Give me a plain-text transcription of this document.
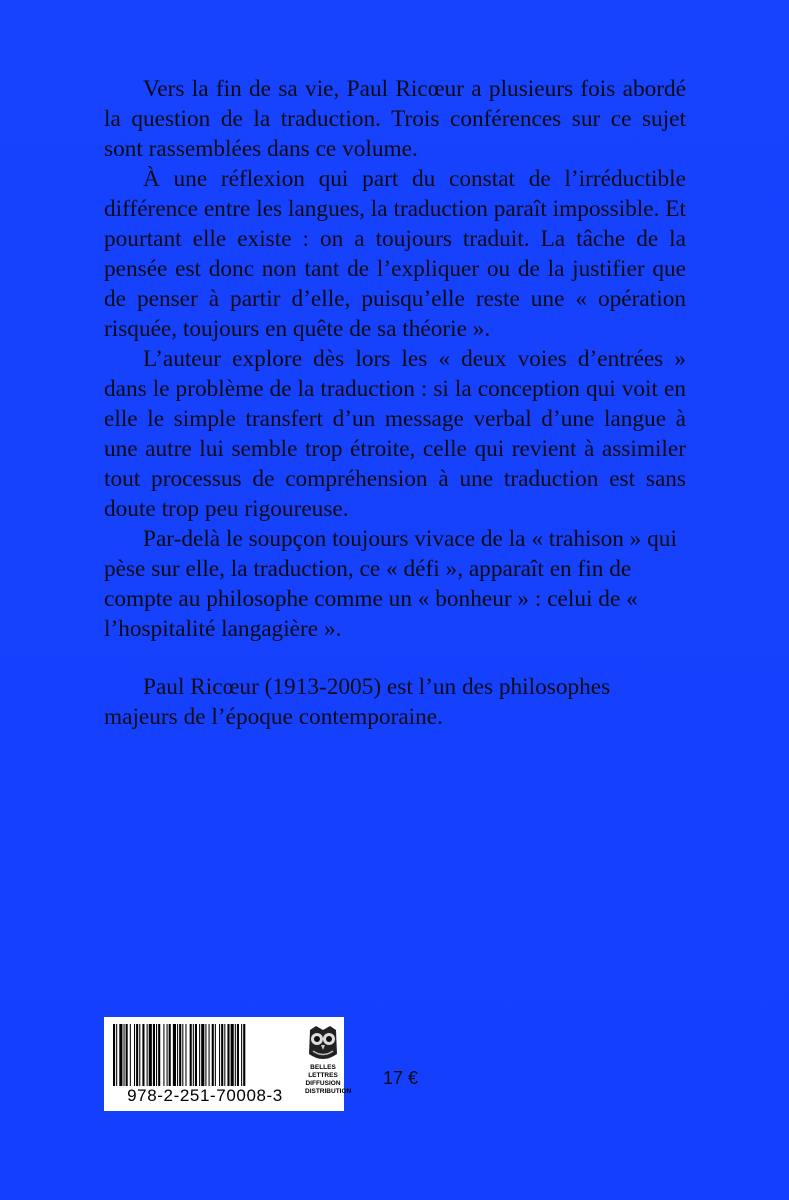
Vers la fin de sa vie, Paul Ricœur a plusieurs fois abordé la question de la traduction. Trois conférences sur ce sujet sont rassemblées dans ce volume.

À une réflexion qui part du constat de l’irréductible différence entre les langues, la traduction paraît impossible. Et pourtant elle existe : on a toujours traduit. La tâche de la pensée est donc non tant de l’expliquer ou de la justifier que de penser à partir d’elle, puisqu’elle reste une « opération risquée, toujours en quête de sa théorie ».

L’auteur explore dès lors les « deux voies d’entrées » dans le problème de la traduction : si la conception qui voit en elle le simple transfert d’un message verbal d’une langue à une autre lui semble trop étroite, celle qui revient à assimiler tout processus de compréhension à une traduction est sans doute trop peu rigoureuse.

Par-delà le soupçon toujours vivace de la « trahison » qui pèse sur elle, la traduction, ce « défi », apparaît en fin de compte au philosophe comme un « bonheur » : celui de « l’hospitalité langagière ».

Paul Ricœur (1913-2005) est l’un des philosophes majeurs de l’époque contemporaine.

978-2-251-70008-3
BELLES LETTRES
DIFFUSION
DISTRIBUTION
17 €
